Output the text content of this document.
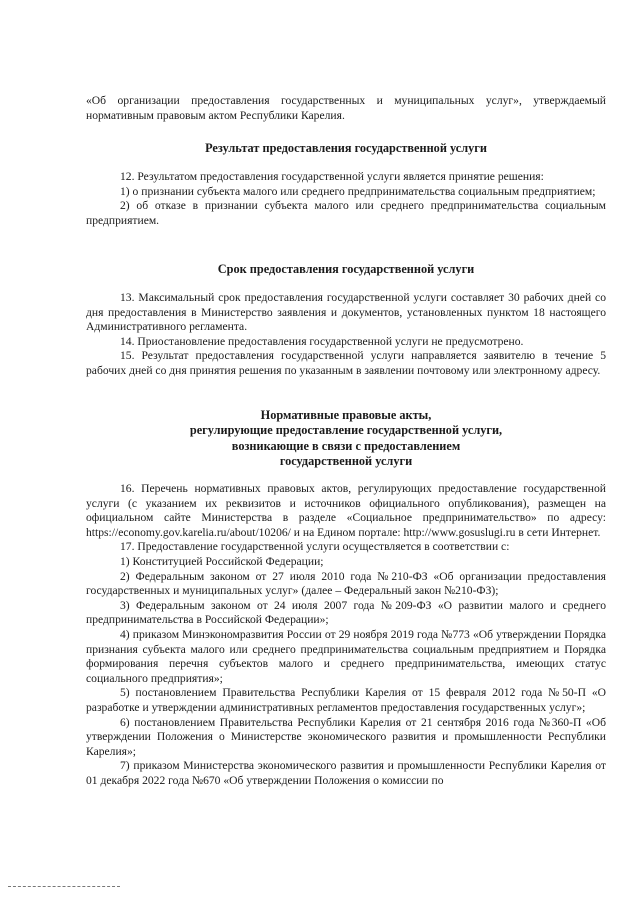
«Об организации предоставления государственных и муниципальных услуг», утверждаемый нормативным правовым актом Республики Карелия.

Результат предоставления государственной услуги

12. Результатом предоставления государственной услуги является принятие решения:

1) о признании субъекта малого или среднего предпринимательства социальным предприятием;

2) об отказе в признании субъекта малого или среднего предпринимательства социальным предприятием.

Срок предоставления государственной услуги

13. Максимальный срок предоставления государственной услуги составляет 30 рабочих дней со дня предоставления в Министерство заявления и документов, установленных пунктом 18 настоящего Административного регламента.

14. Приостановление предоставления государственной услуги не предусмотрено.

15. Результат предоставления государственной услуги направляется заявителю в течение 5 рабочих дней со дня принятия решения по указанным в заявлении почтовому или электронному адресу.

Нормативные правовые акты,

регулирующие предоставление государственной услуги,

возникающие в связи с предоставлением

государственной услуги

16. Перечень нормативных правовых актов, регулирующих предоставление государственной услуги (с указанием их реквизитов и источников официального опубликования), размещен на официальном сайте Министерства в разделе «Социальное предпринимательство» по адресу: https://economy.gov.karelia.ru/about/10206/ и на Едином портале: http://www.gosuslugi.ru в сети Интернет.

17. Предоставление государственной услуги осуществляется в соответствии с:

1) Конституцией Российской Федерации;

2) Федеральным законом от 27 июля 2010 года №210-ФЗ «Об организации предоставления государственных и муниципальных услуг» (далее – Федеральный закон №210-ФЗ);

3) Федеральным законом от 24 июля 2007 года №209-ФЗ «О развитии малого и среднего предпринимательства в Российской Федерации»;

4) приказом Минэкономразвития России от 29 ноября 2019 года №773 «Об утверждении Порядка признания субъекта малого или среднего предпринимательства социальным предприятием и Порядка формирования перечня субъектов малого и среднего предпринимательства, имеющих статус социального предприятия»;

5) постановлением Правительства Республики Карелия от 15 февраля 2012 года №50-П «О разработке и утверждении административных регламентов предоставления государственных услуг»;

6) постановлением Правительства Республики Карелия от 21 сентября 2016 года №360-П «Об утверждении Положения о Министерстве экономического развития и промышленности Республики Карелия»;

7) приказом Министерства экономического развития и промышленности Республики Карелия от 01 декабря 2022 года №670 «Об утверждении Положения о комиссии по
